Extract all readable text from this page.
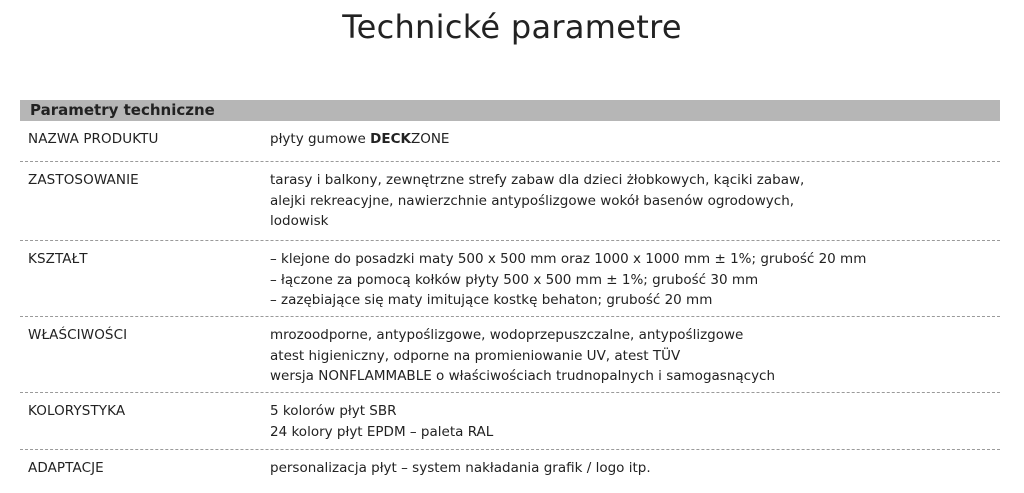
Technické parametre
Parametry techniczne
NAZWA PRODUKTU	płyty gumowe DECKZONE
ZASTOSOWANIE	tarasy i balkony, zewnętrzne strefy zabaw dla dzieci żłobkowych, kąciki zabaw,
alejki rekreacyjne, nawierzchnie antypoślizgowe wokół basenów ogrodowych,
lodowisk
KSZTAŁT	– klejone do posadzki maty 500 x 500 mm oraz 1000 x 1000 mm ± 1%; grubość 20 mm
– łączone za pomocą kołków płyty 500 x 500 mm ± 1%; grubość 30 mm
– zazębiające się maty imitujące kostkę behaton; grubość 20 mm
WŁAŚCIWOŚCI	mrozoodporne, antypoślizgowe, wodoprzepuszczalne, antypoślizgowe
atest higieniczny, odporne na promieniowanie UV, atest TÜV
wersja NONFLAMMABLE o właściwościach trudnopalnych i samogasnących
KOLORYSTYKA	5 kolorów płyt SBR
24 kolory płyt EPDM – paleta RAL
ADAPTACJE	personalizacja płyt – system nakładania grafik / logo itp.
